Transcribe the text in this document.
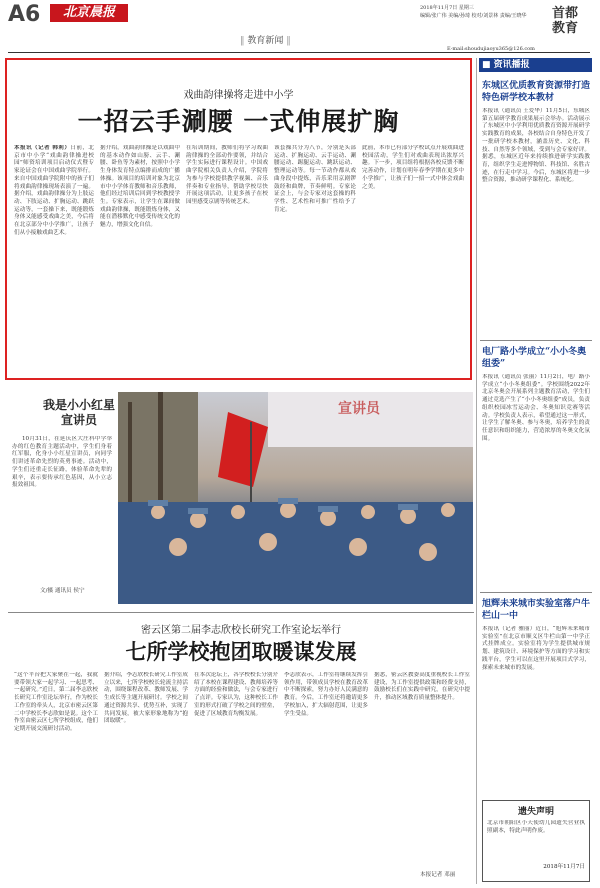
A6	北京晨报	2018年11月7日 星期三
编辑/张广伟 美编/孙琦 校对/刘景林 责编/王晓华	首都
教育
‖ 教育新闻 ‖
E-mail:shoudujiaoyu365@126.com
戏曲韵律操将走进中小学
一招云手涮腰 一式伸展扩胸
本报讯（记者 韩莉）日前，北京市中小学“戏曲韵律操进校园”师资培训项目启动仪式暨专家论证会在中国戏曲学院举行。来自中国戏曲学院附中的孩子们将戏曲韵律操现场表演了一遍。据介绍，戏曲韵律操分为上肢运动、下肢运动、扩胸运动、跳跃运动等，一套操下来，既能锻炼身体又能感受戏曲之美，今后将在北京部分中小学推广，让孩子们从小接触戏曲艺术。
据介绍，戏曲韵律操是以戏曲中的基本动作如山膀、云手、涮腰、卧鱼等为素材，按照中小学生身体发育特点编排而成的广播体操。该项目的培训对象为北京市中小学体育教师和音乐教师，他们经过培训后回到学校教授学生。专家表示，让学生在课间做戏曲韵律操，既能锻炼身体，又能在潜移默化中感受传统文化的魅力，增强文化自信。
在培训期间，教师们将学习戏曲韵律操的全部动作要领，并结合学生实际进行课程设计。中国戏曲学院相关负责人介绍，学院将为参与学校提供教学视频、音乐伴奏和专业指导，帮助学校尽快开展这项活动，让更多孩子在校园里感受京剧等传统艺术。
该套操共分为八节，分别是头部运动、扩胸运动、云手运动、涮腰运动、踢腿运动、跳跃运动、整理运动等。每一节动作都从戏曲身段中提炼，音乐采用京剧锣鼓经和曲牌，节奏鲜明。专家论证会上，与会专家对这套操的科学性、艺术性和可推广性给予了肯定。
此前，本市已有部分学校试点开展戏曲进校园活动，学生们对戏曲表现出浓厚兴趣。下一步，项目组将根据各校反馈不断完善动作，计划在明年春季学期在更多中小学推广，让孩子们一招一式中体会戏曲之美。
■ 资讯播报
东城区优质教育资源带打造特色研学校本教材
本报讯（通讯员 王爱华）11月5日，东城区第五届研学教育成果展示会举办。活动展示了东城区中小学利用优质教育资源开展研学实践教育的成果，各校结合自身特色开发了一批研学校本教材，涵盖历史、文化、科技、自然等多个领域，受到与会专家好评。据悉，东城区近年来持续推进研学实践教育，组织学生走进博物馆、科技馆、名胜古迹，在行走中学习。今后，东城区将进一步整合资源，推动研学课程化、系统化。
电厂路小学成立“小小冬奥组委”
本报讯（通讯员 张丽）11月2日，电厂路小学成立“小小冬奥组委”。学校围绕2022年北京冬奥会开展系列主题教育活动，学生们通过竞选产生了“小小冬奥组委”成员，负责组织校园冰雪运动会、冬奥知识竞赛等活动。学校负责人表示，希望通过这一形式，让学生了解冬奥、参与冬奥，培养学生的责任意识和组织能力，营造浓厚的冬奥文化氛围。
旭辉未来城市实验室落户牛栏山一中
本报讯（记者 雅丽）近日，“旭辉未来城市实验室”在北京市顺义区牛栏山第一中学正式挂牌成立。实验室将为学生提供城市规划、建筑设计、环境保护等方面的学习和实践平台，学生可以在这里开展项目式学习，探索未来城市的发展。
遗失声明
北京市朝阳区小天使幼儿园遗失营业执照副本，特此声明作废。
2018年11月7日
我是小小红星宣讲员
10月31日，在延庆区大庄科中学举办的红色教育主题活动中，学生们身着红军服，化身小小红星宣讲员，向同学们讲述革命先烈的英勇事迹。活动中，学生们还重走长征路，体验革命先辈的艰辛，表示要传承红色基因，从小立志报效祖国。
文/摄 通讯员 侯宁
宣讲员
密云区第二届李志欣校长研究工作室论坛举行
七所学校抱团取暖谋发展
“这个平台把大家聚在一起，我就要带领大家一起学习、一起思考、一起研究。”近日，第二届李志欣校长研究工作室论坛举行，作为校长工作室的牵头人，北京市密云区第二中学校长李志欣如是说。这个工作室由密云区七所学校组成，他们定期开展交流研讨活动。
据介绍，李志欣校长研究工作室成立以来，七所学校校长轮流主持活动，围绕课程改革、教师发展、学生成长等主题开展研讨。学校之间通过资源共享、优势互补，实现了共同发展，被大家形象地称为“抱团取暖”。
在本次论坛上，各学校校长分别介绍了本校在课程建设、教师培养等方面的经验和做法，与会专家进行了点评。专家认为，这种校长工作室的形式打破了学校之间的壁垒，促进了区域教育均衡发展。
李志欣表示，工作室将继续发挥引领作用，带领成员学校在教育改革中不断探索，努力办好人民满意的教育。今后，工作室还将邀请更多学校加入，扩大辐射范围，让更多学生受益。
据悉，密云区教委高度重视校长工作室建设，为工作室提供政策和经费支持，鼓励校长们在实践中研究，在研究中提升，推动区域教育质量整体提升。
本报记者 邓丽
